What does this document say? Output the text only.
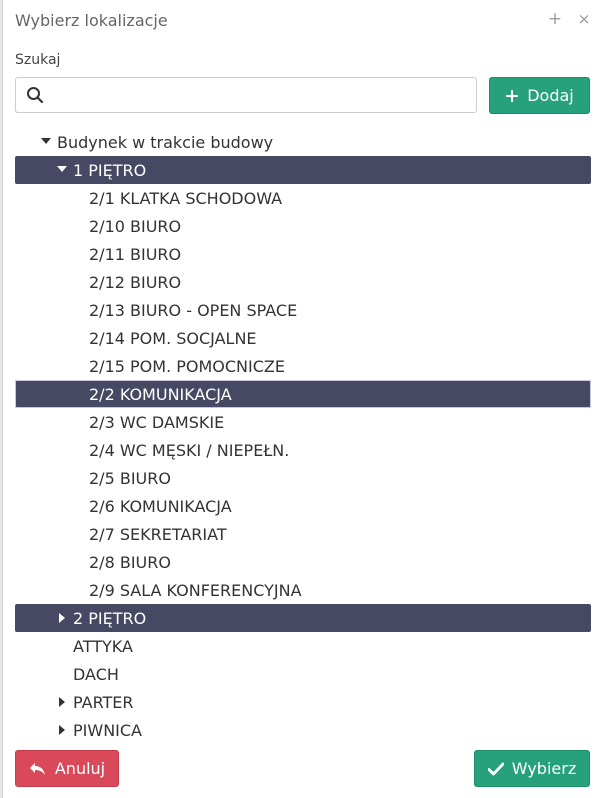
Wybierz lokalizacje	+ ×
Szukaj
Dodaj
Budynek w trakcie budowy
1 PIĘTRO
2/1 KLATKA SCHODOWA
2/10 BIURO
2/11 BIURO
2/12 BIURO
2/13 BIURO - OPEN SPACE
2/14 POM. SOCJALNE
2/15 POM. POMOCNICZE
2/2 KOMUNIKACJA
2/3 WC DAMSKIE
2/4 WC MĘSKI / NIEPEŁN.
2/5 BIURO
2/6 KOMUNIKACJA
2/7 SEKRETARIAT
2/8 BIURO
2/9 SALA KONFERENCYJNA
2 PIĘTRO
ATTYKA
DACH
PARTER
PIWNICA
Anuluj	Wybierz
